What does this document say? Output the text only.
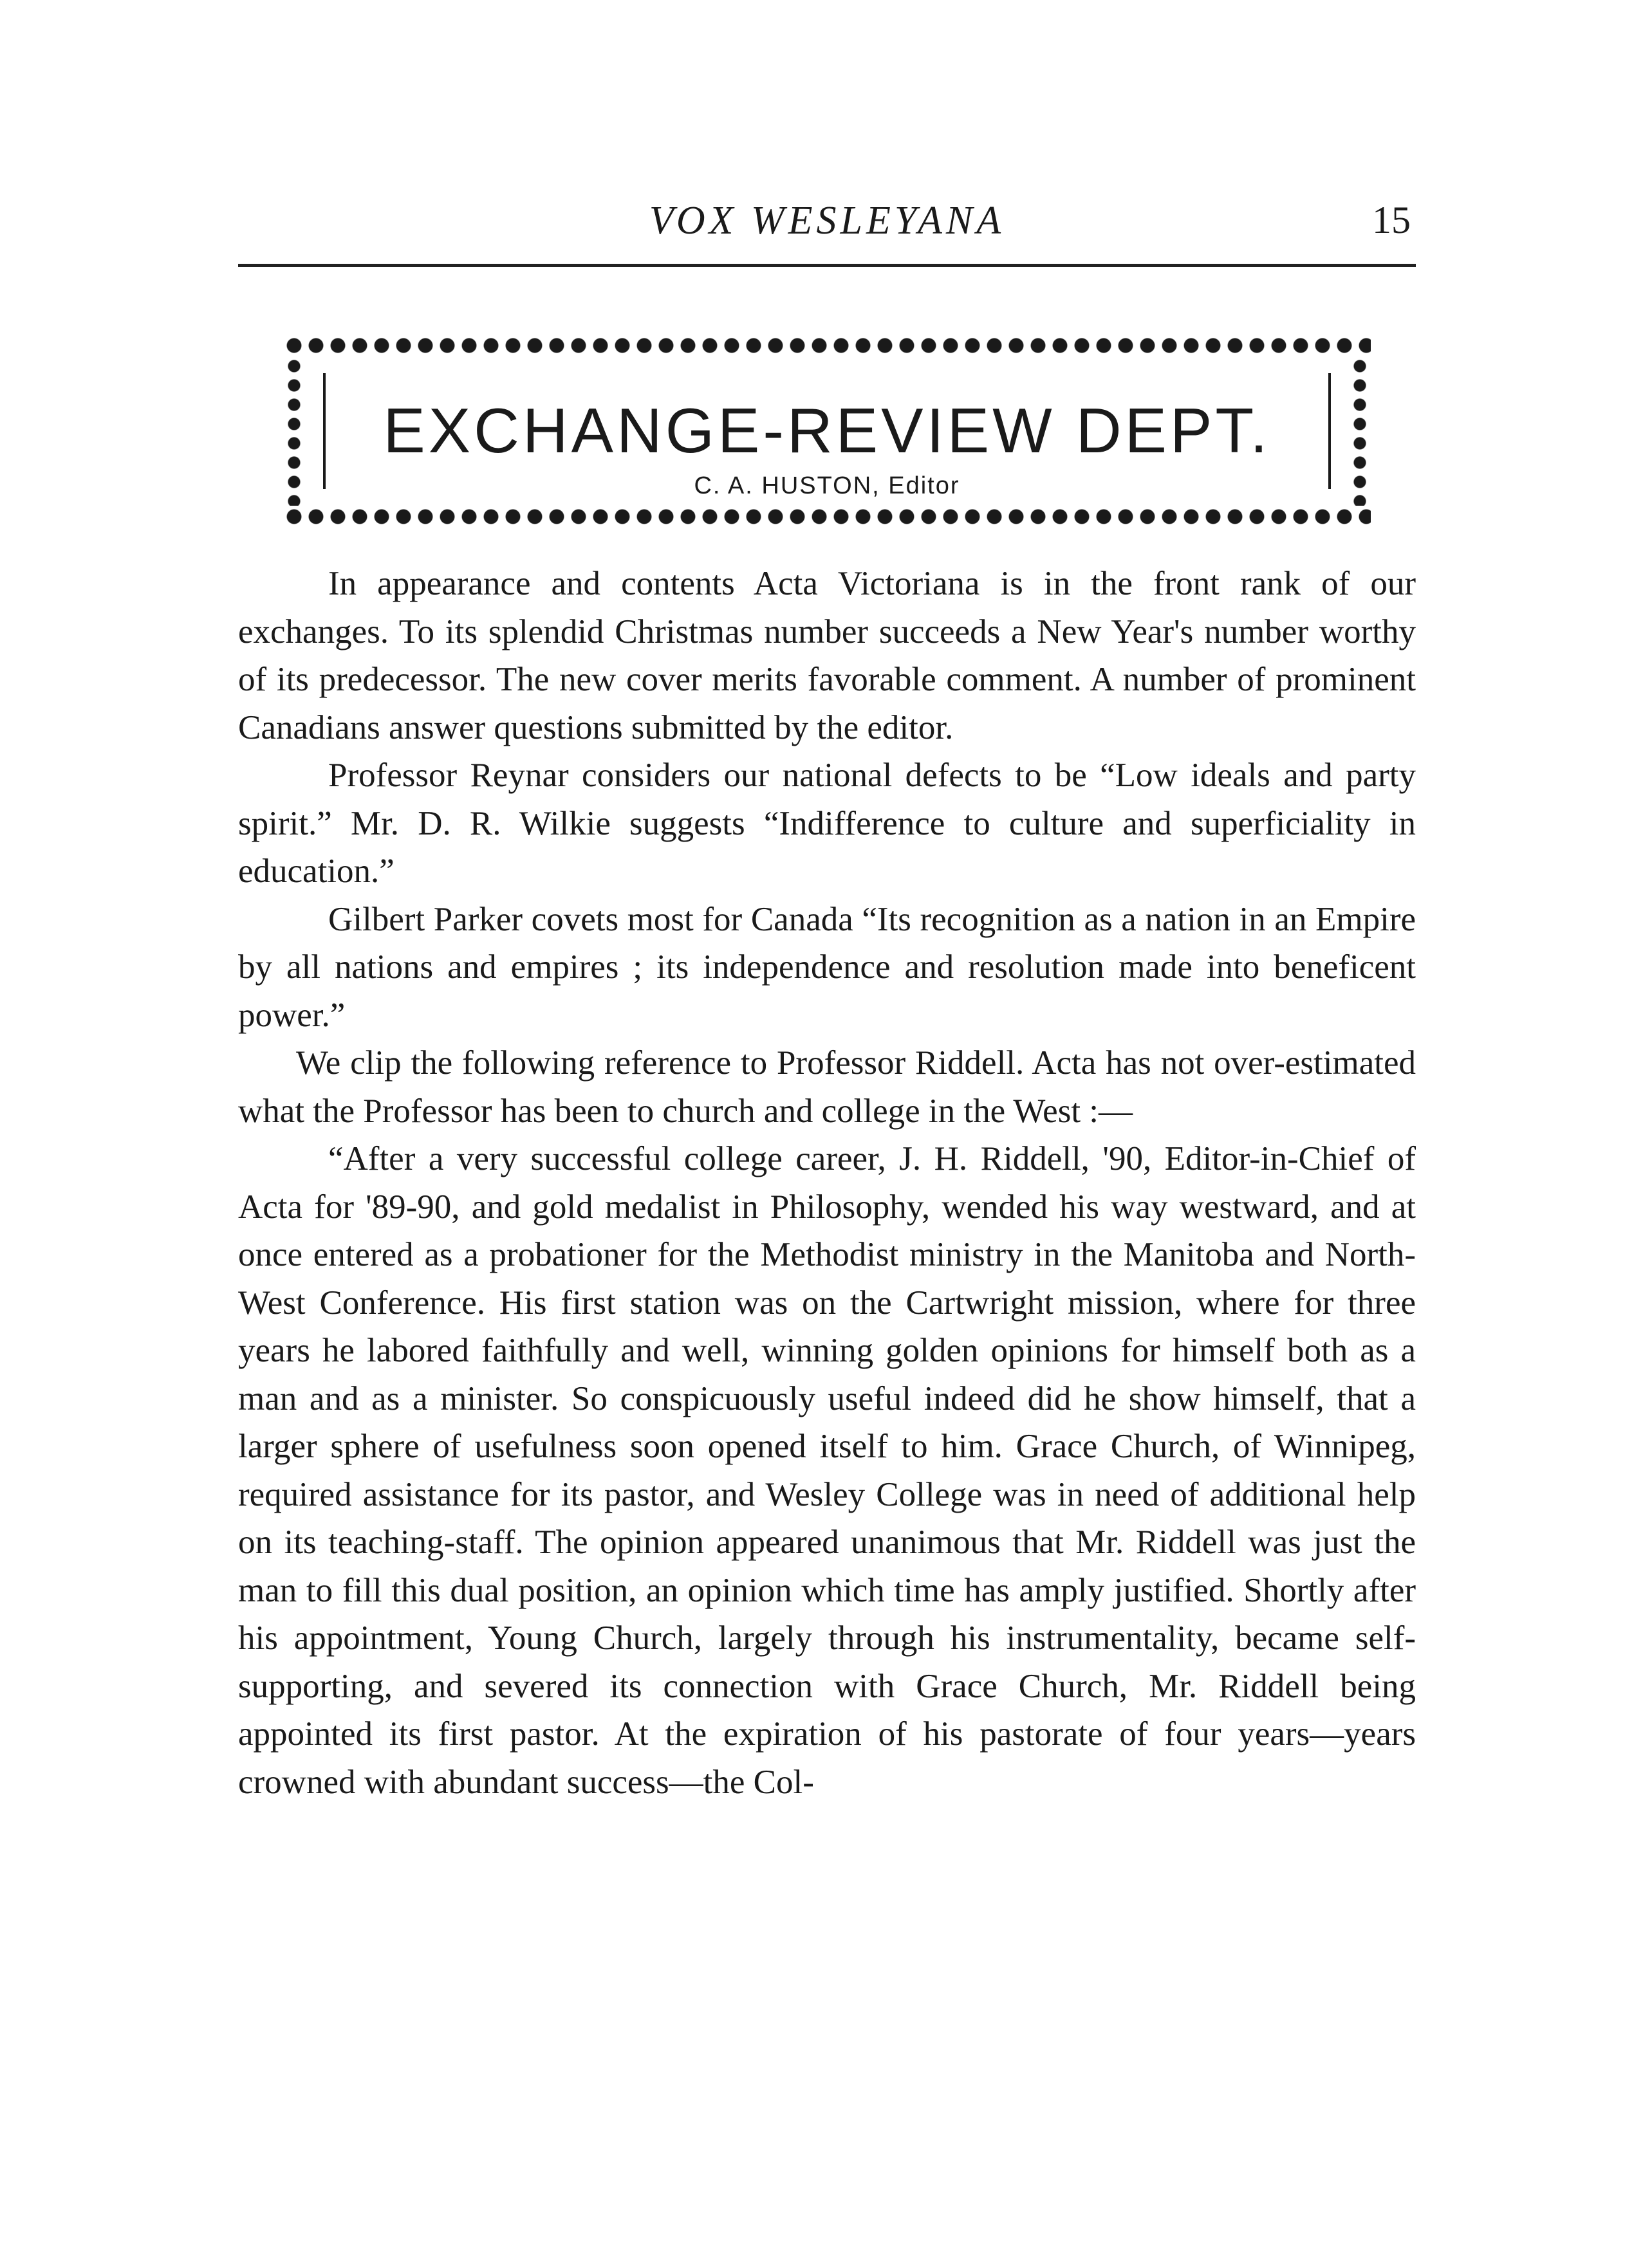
VOX WESLEYANA	15
EXCHANGE-REVIEW DEPT.
C. A. HUSTON, Editor

In appearance and contents Acta Victoriana is in the front rank of our exchanges. To its splendid Christmas number succeeds a New Year's number worthy of its predecessor. The new cover merits favorable comment. A number of prominent Canadians answer questions submitted by the editor.

Professor Reynar considers our national defects to be “Low ideals and party spirit.” Mr. D. R. Wilkie suggests “Indifference to culture and superficiality in education.”

Gilbert Parker covets most for Canada “Its recognition as a nation in an Empire by all nations and empires ; its independence and resolution made into beneficent power.”

We clip the following reference to Professor Riddell. Acta has not over-estimated what the Professor has been to church and college in the West :—

“After a very successful college career, J. H. Riddell, '90, Editor-in-Chief of Acta for '89-90, and gold medalist in Philosophy, wended his way westward, and at once entered as a probationer for the Methodist ministry in the Manitoba and North-West Conference. His first station was on the Cartwright mission, where for three years he labored faithfully and well, winning golden opinions for himself both as a man and as a minister. So conspicuously useful indeed did he show himself, that a larger sphere of usefulness soon opened itself to him. Grace Church, of Winnipeg, required assistance for its pastor, and Wesley College was in need of additional help on its teaching-staff. The opinion appeared unanimous that Mr. Riddell was just the man to fill this dual position, an opinion which time has amply justified. Shortly after his appointment, Young Church, largely through his instrumentality, became self-supporting, and severed its connection with Grace Church, Mr. Riddell being appointed its first pastor. At the expiration of his pastorate of four years—years crowned with abundant success—the Col-
